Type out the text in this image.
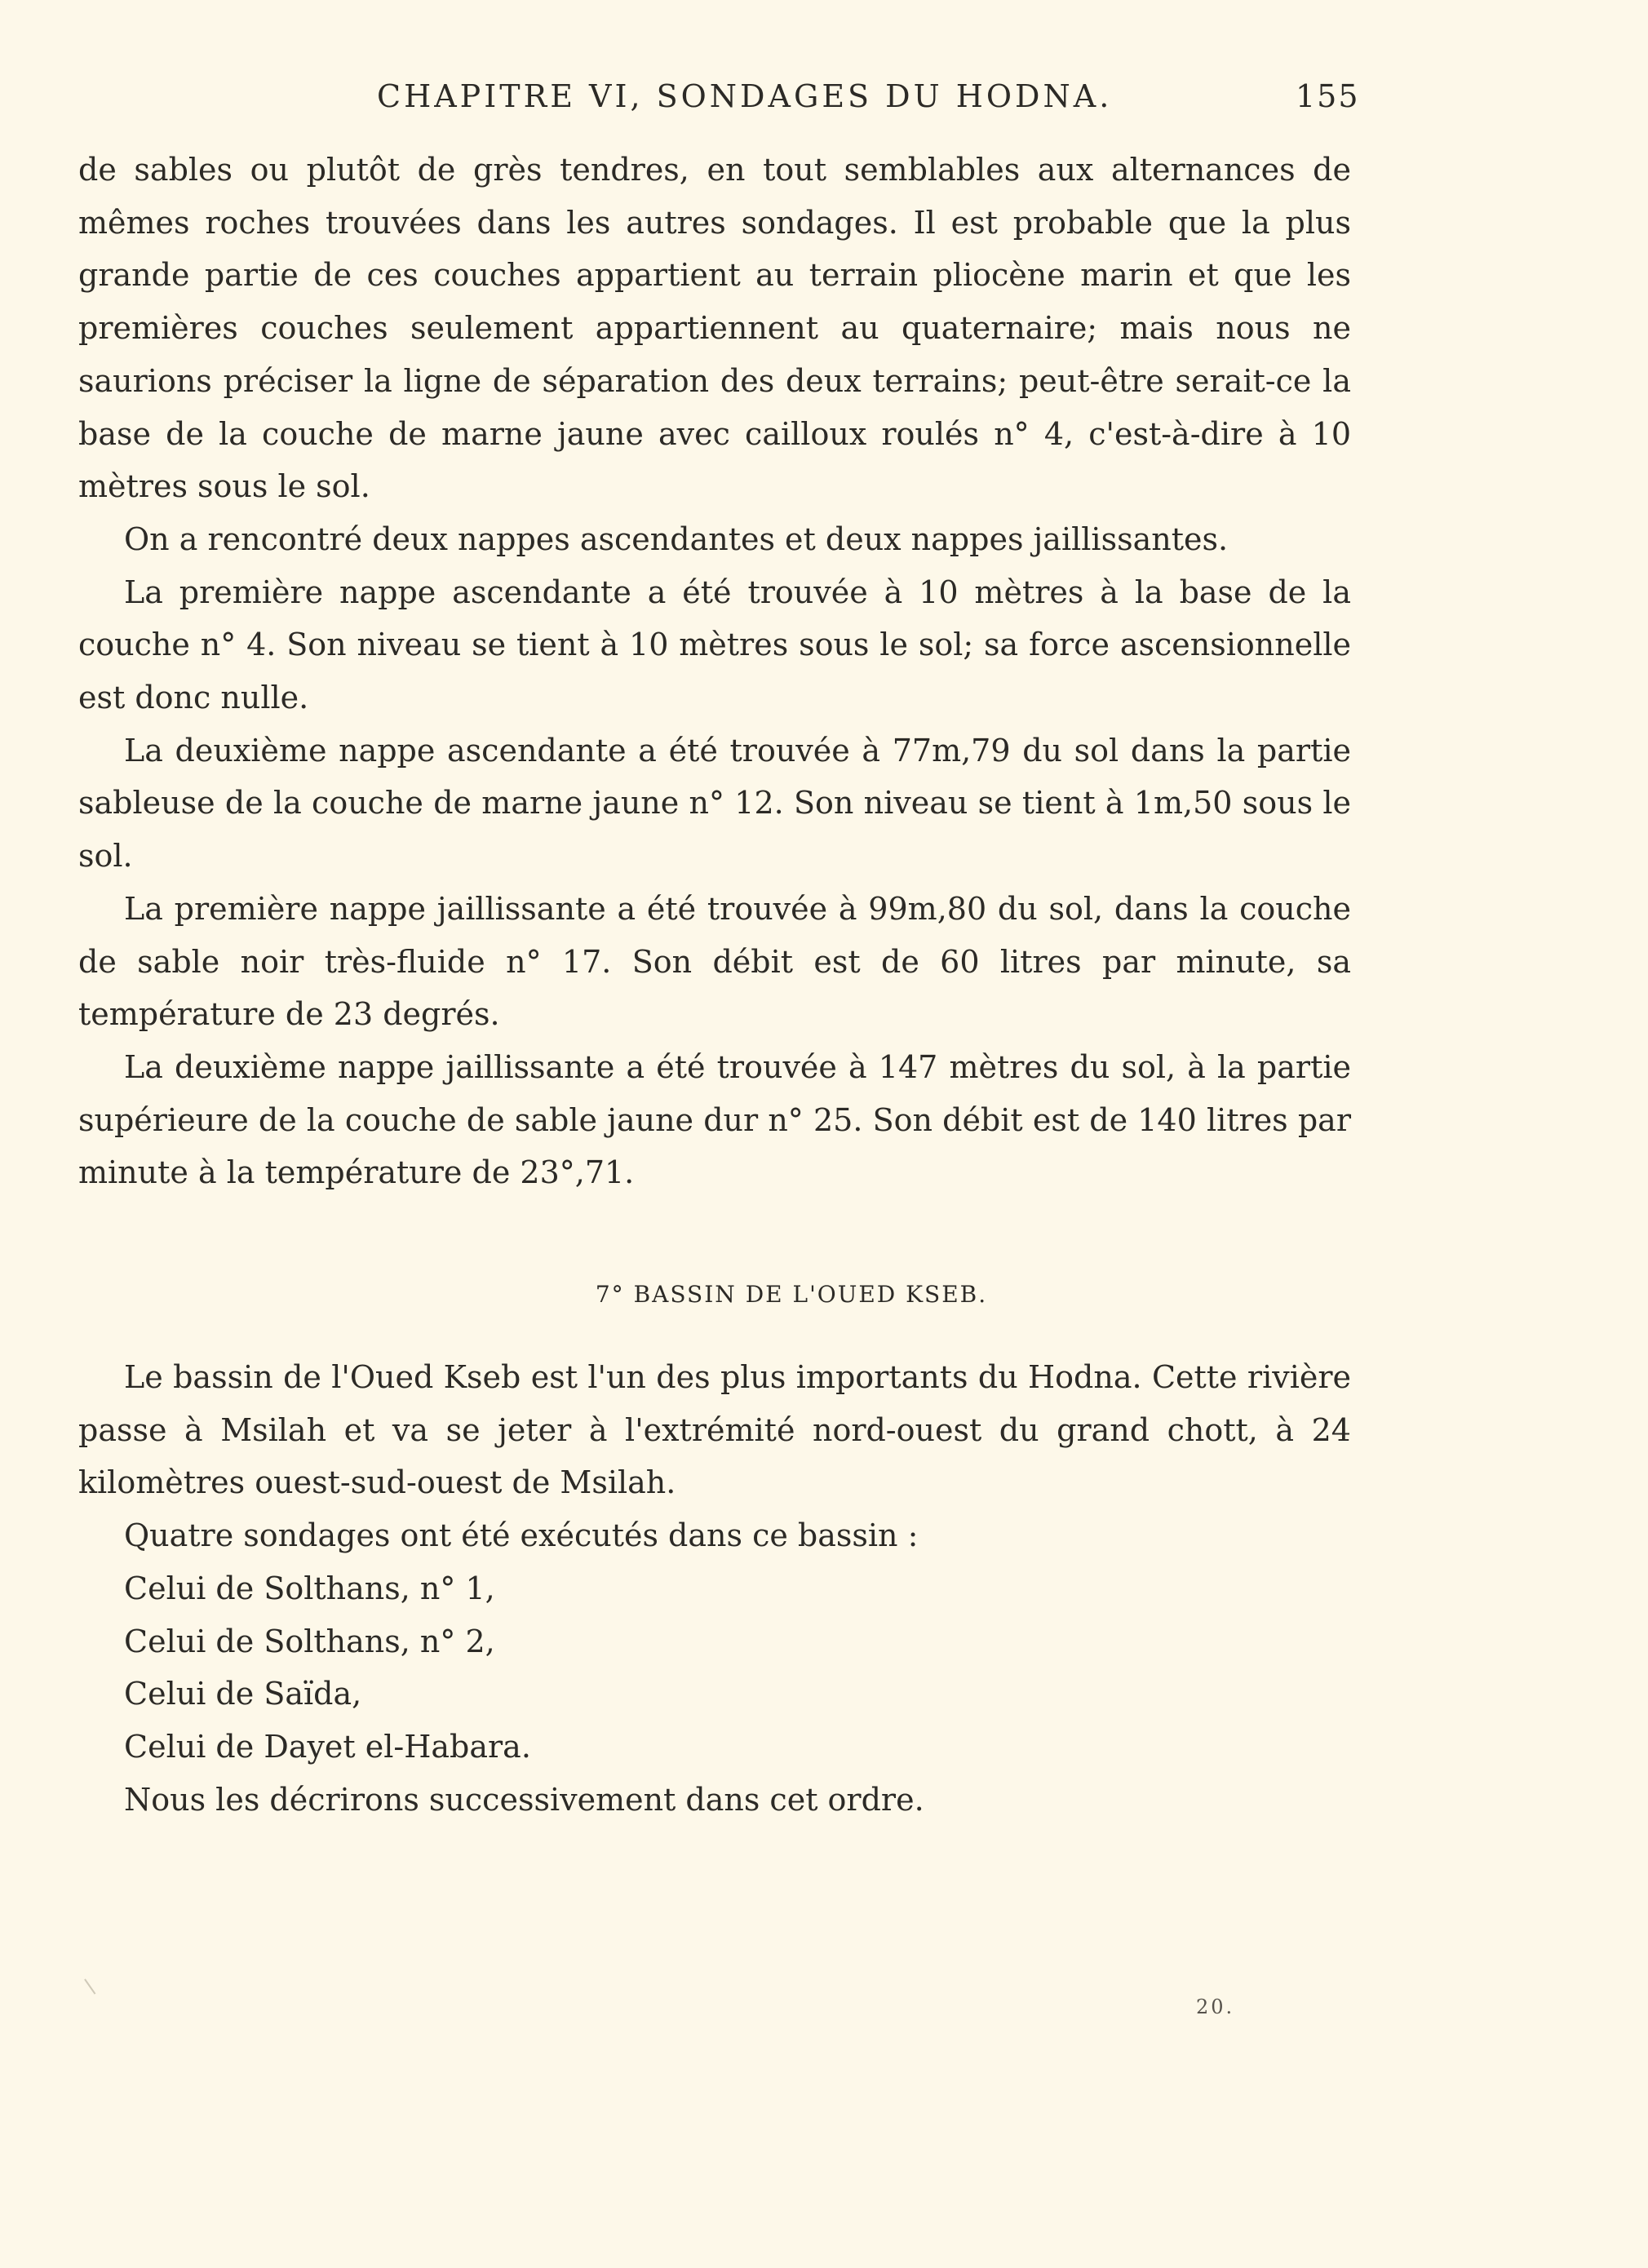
CHAPITRE VI, SONDAGES DU HODNA.	155

de sables ou plutôt de grès tendres, en tout semblables aux alternances de mêmes roches trouvées dans les autres sondages. Il est probable que la plus grande partie de ces couches appartient au terrain pliocène marin et que les premières couches seulement appartiennent au quaternaire; mais nous ne saurions préciser la ligne de séparation des deux terrains; peut-être serait-ce la base de la couche de marne jaune avec cailloux roulés n° 4, c'est-à-dire à 10 mètres sous le sol.

On a rencontré deux nappes ascendantes et deux nappes jaillissantes.

La première nappe ascendante a été trouvée à 10 mètres à la base de la couche n° 4. Son niveau se tient à 10 mètres sous le sol; sa force ascensionnelle est donc nulle.

La deuxième nappe ascendante a été trouvée à 77m,79 du sol dans la partie sableuse de la couche de marne jaune n° 12. Son niveau se tient à 1m,50 sous le sol.

La première nappe jaillissante a été trouvée à 99m,80 du sol, dans la couche de sable noir très-fluide n° 17. Son débit est de 60 litres par minute, sa température de 23 degrés.

La deuxième nappe jaillissante a été trouvée à 147 mètres du sol, à la partie supérieure de la couche de sable jaune dur n° 25. Son débit est de 140 litres par minute à la température de 23°,71.

7° BASSIN DE L'OUED KSEB.

Le bassin de l'Oued Kseb est l'un des plus importants du Hodna. Cette rivière passe à Msilah et va se jeter à l'extrémité nord-ouest du grand chott, à 24 kilomètres ouest-sud-ouest de Msilah.

Quatre sondages ont été exécutés dans ce bassin :

Celui de Solthans, n° 1,

Celui de Solthans, n° 2,

Celui de Saïda,

Celui de Dayet el-Habara.

Nous les décrirons successivement dans cet ordre.

20.
